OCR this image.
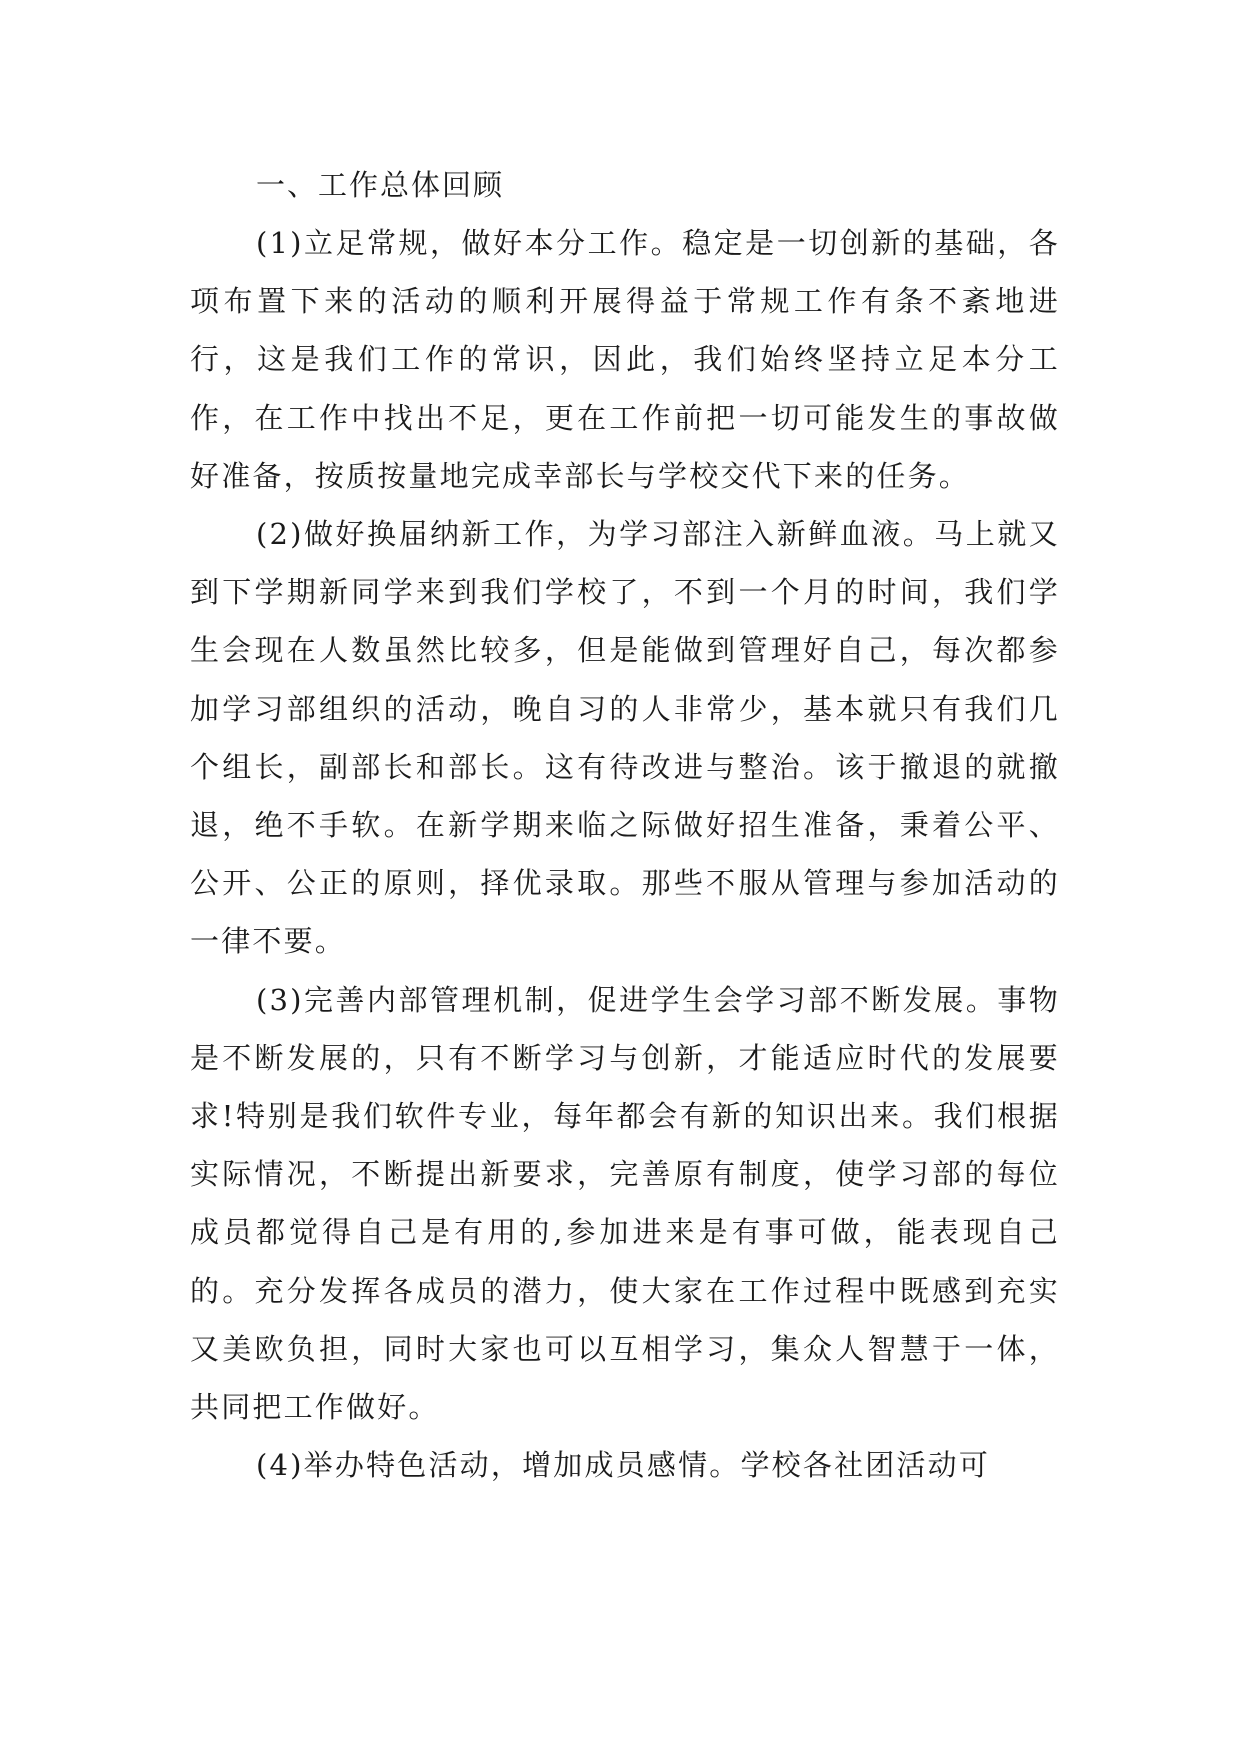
一、工作总体回顾

(1)立足常规，做好本分工作。稳定是一切创新的基础，各项布置下来的活动的顺利开展得益于常规工作有条不紊地进行，这是我们工作的常识，因此，我们始终坚持立足本分工作，在工作中找出不足，更在工作前把一切可能发生的事故做好准备，按质按量地完成幸部长与学校交代下来的任务。

(2)做好换届纳新工作，为学习部注入新鲜血液。马上就又到下学期新同学来到我们学校了，不到一个月的时间，我们学生会现在人数虽然比较多，但是能做到管理好自己，每次都参加学习部组织的活动，晚自习的人非常少，基本就只有我们几个组长，副部长和部长。这有待改进与整治。该于撤退的就撤退，绝不手软。在新学期来临之际做好招生准备，秉着公平、公开、公正的原则，择优录取。那些不服从管理与参加活动的一律不要。

(3)完善内部管理机制，促进学生会学习部不断发展。事物是不断发展的，只有不断学习与创新，才能适应时代的发展要求!特别是我们软件专业，每年都会有新的知识出来。我们根据实际情况，不断提出新要求，完善原有制度，使学习部的每位成员都觉得自己是有用的,参加进来是有事可做，能表现自己的。充分发挥各成员的潜力，使大家在工作过程中既感到充实又美欧负担，同时大家也可以互相学习，集众人智慧于一体，共同把工作做好。

(4)举办特色活动，增加成员感情。学校各社团活动可
